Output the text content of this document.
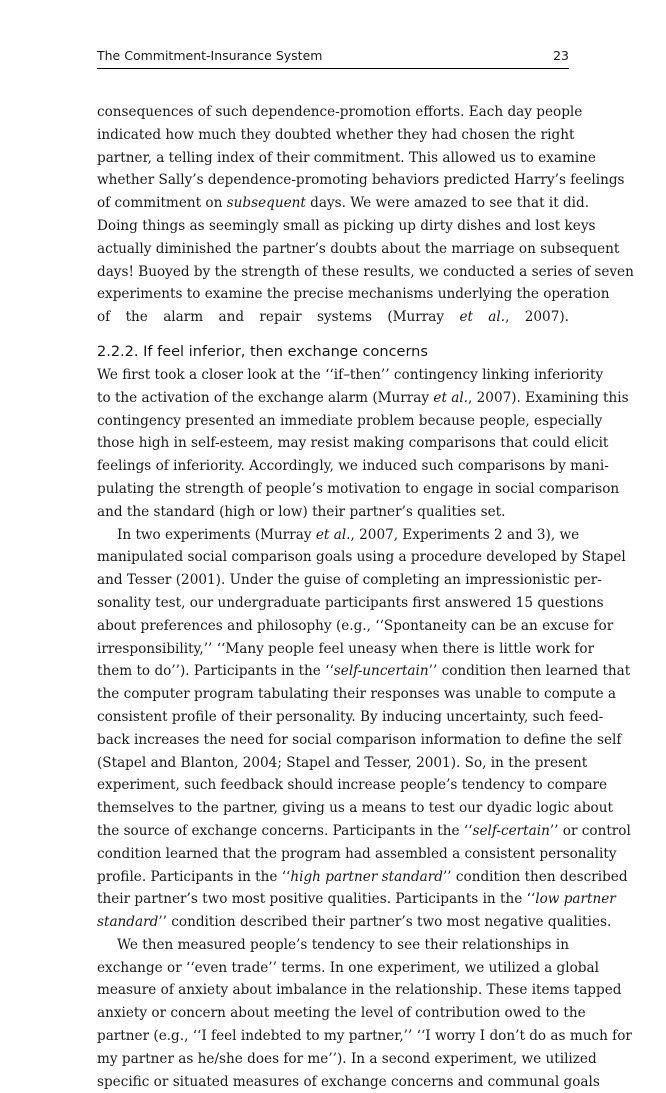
The Commitment-Insurance System	23
consequences of such dependence-promotion efforts. Each day people
indicated how much they doubted whether they had chosen the right
partner, a telling index of their commitment. This allowed us to examine
whether Sally’s dependence-promoting behaviors predicted Harry’s feelings
of commitment on subsequent days. We were amazed to see that it did.
Doing things as seemingly small as picking up dirty dishes and lost keys
actually diminished the partner’s doubts about the marriage on subsequent
days! Buoyed by the strength of these results, we conducted a series of seven
experiments to examine the precise mechanisms underlying the operation
of the alarm and repair systems (Murray et al., 2007).
2.2.2. If feel inferior, then exchange concerns
We first took a closer look at the ‘‘if–then’’ contingency linking inferiority
to the activation of the exchange alarm (Murray et al., 2007). Examining this
contingency presented an immediate problem because people, especially
those high in self-esteem, may resist making comparisons that could elicit
feelings of inferiority. Accordingly, we induced such comparisons by mani-
pulating the strength of people’s motivation to engage in social comparison
and the standard (high or low) their partner’s qualities set.
In two experiments (Murray et al., 2007, Experiments 2 and 3), we
manipulated social comparison goals using a procedure developed by Stapel
and Tesser (2001). Under the guise of completing an impressionistic per-
sonality test, our undergraduate participants first answered 15 questions
about preferences and philosophy (e.g., ‘‘Spontaneity can be an excuse for
irresponsibility,’’ ‘‘Many people feel uneasy when there is little work for
them to do’’). Participants in the ‘‘self-uncertain’’ condition then learned that
the computer program tabulating their responses was unable to compute a
consistent profile of their personality. By inducing uncertainty, such feed-
back increases the need for social comparison information to define the self
(Stapel and Blanton, 2004; Stapel and Tesser, 2001). So, in the present
experiment, such feedback should increase people’s tendency to compare
themselves to the partner, giving us a means to test our dyadic logic about
the source of exchange concerns. Participants in the ‘‘self-certain’’ or control
condition learned that the program had assembled a consistent personality
profile. Participants in the ‘‘high partner standard’’ condition then described
their partner’s two most positive qualities. Participants in the ‘‘low partner
standard’’ condition described their partner’s two most negative qualities.
We then measured people’s tendency to see their relationships in
exchange or ‘‘even trade’’ terms. In one experiment, we utilized a global
measure of anxiety about imbalance in the relationship. These items tapped
anxiety or concern about meeting the level of contribution owed to the
partner (e.g., ‘‘I feel indebted to my partner,’’ ‘‘I worry I don’t do as much for
my partner as he/she does for me’’). In a second experiment, we utilized
specific or situated measures of exchange concerns and communal goals
